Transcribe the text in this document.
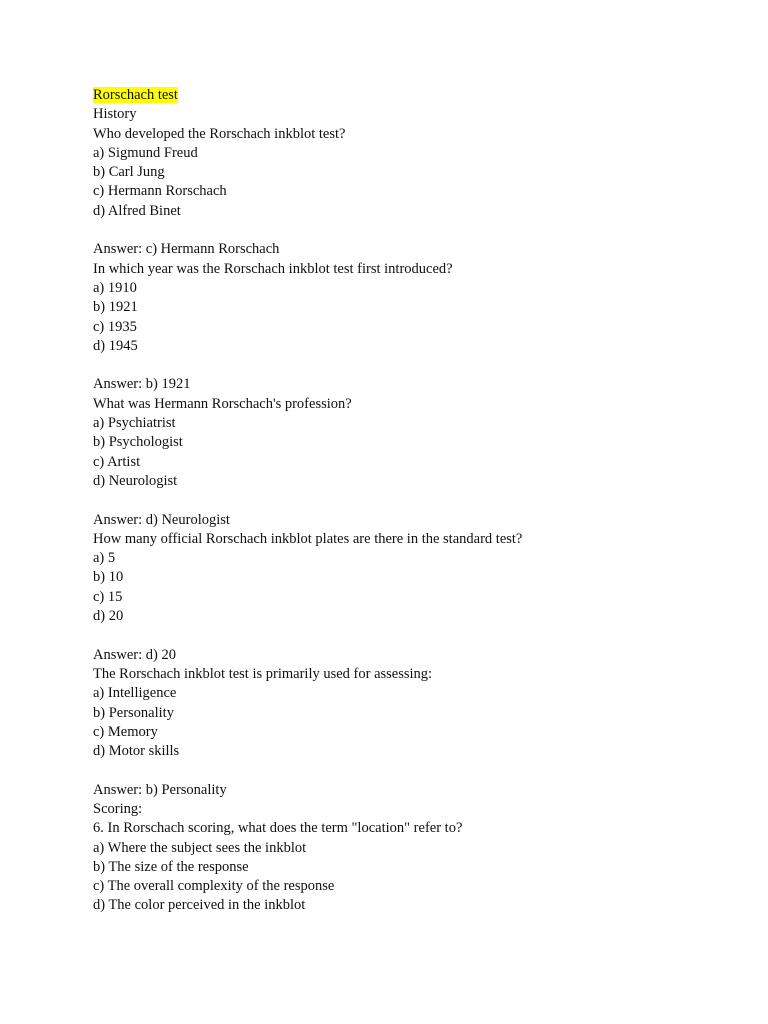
Rorschach test
History
Who developed the Rorschach inkblot test?
a) Sigmund Freud
b) Carl Jung
c) Hermann Rorschach
d) Alfred Binet
Answer: c) Hermann Rorschach
In which year was the Rorschach inkblot test first introduced?
a) 1910
b) 1921
c) 1935
d) 1945
Answer: b) 1921
What was Hermann Rorschach's profession?
a) Psychiatrist
b) Psychologist
c) Artist
d) Neurologist
Answer: d) Neurologist
How many official Rorschach inkblot plates are there in the standard test?
a) 5
b) 10
c) 15
d) 20
Answer: d) 20
The Rorschach inkblot test is primarily used for assessing:
a) Intelligence
b) Personality
c) Memory
d) Motor skills
Answer: b) Personality
Scoring:
6. In Rorschach scoring, what does the term "location" refer to?
a) Where the subject sees the inkblot
b) The size of the response
c) The overall complexity of the response
d) The color perceived in the inkblot
